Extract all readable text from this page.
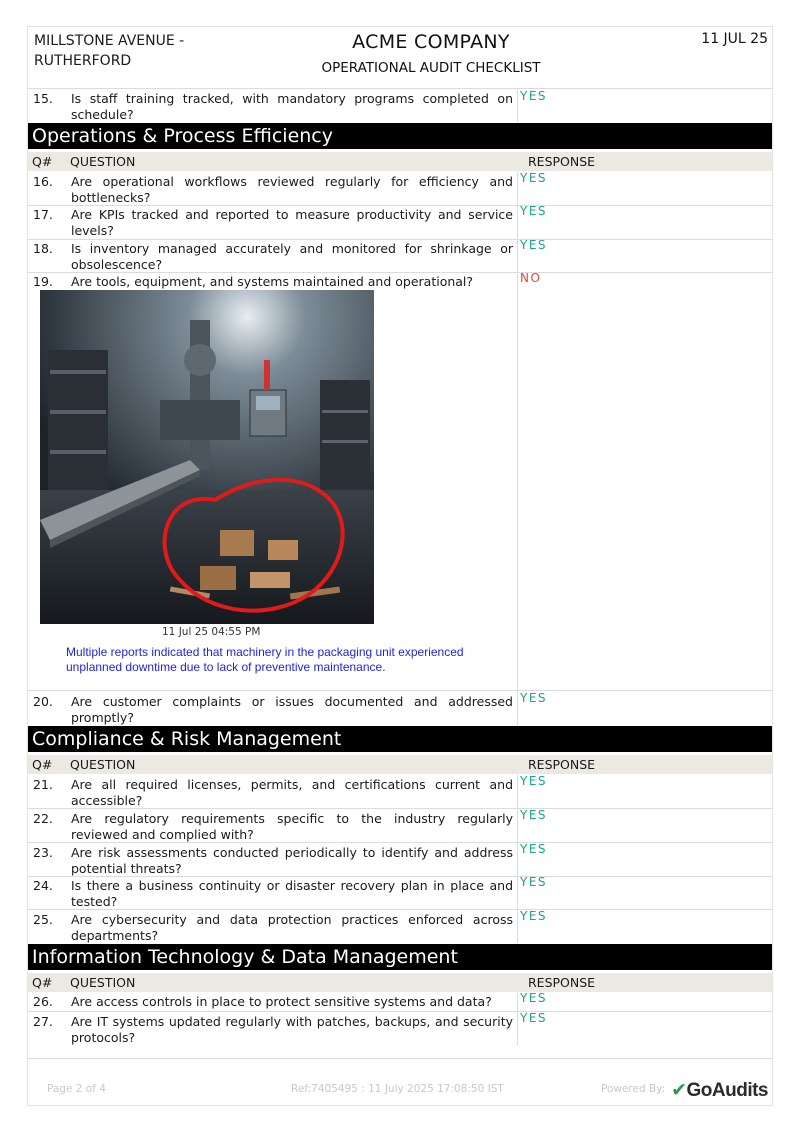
MILLSTONE AVENUE - RUTHERFORD
ACME COMPANY
OPERATIONAL AUDIT CHECKLIST
11 JUL 25
15. Is staff training tracked, with mandatory programs completed on schedule?
YES
Operations & Process Efficiency
Q# QUESTION	RESPONSE
16. Are operational workflows reviewed regularly for efficiency and bottlenecks?
YES
17. Are KPIs tracked and reported to measure productivity and service levels?
YES
18. Is inventory managed accurately and monitored for shrinkage or obsolescence?
YES
19. Are tools, equipment, and systems maintained and operational?	NO
11 Jul 25 04:55 PM
Multiple reports indicated that machinery in the packaging unit experienced unplanned downtime due to lack of preventive maintenance.
20. Are customer complaints or issues documented and addressed promptly?
YES
Compliance & Risk Management
Q# QUESTION	RESPONSE
21. Are all required licenses, permits, and certifications current and accessible?
YES
22. Are regulatory requirements specific to the industry regularly reviewed and complied with?
YES
23. Are risk assessments conducted periodically to identify and address potential threats?
YES
24. Is there a business continuity or disaster recovery plan in place and tested?
YES
25. Are cybersecurity and data protection practices enforced across departments?
YES
Information Technology & Data Management
Q# QUESTION	RESPONSE
26. Are access controls in place to protect sensitive systems and data?	YES
27. Are IT systems updated regularly with patches, backups, and security protocols?
YES
Page 2 of 4	Ref:7405495 : 11 July 2025 17:08:50 IST	Powered By: ✔GoAudits
